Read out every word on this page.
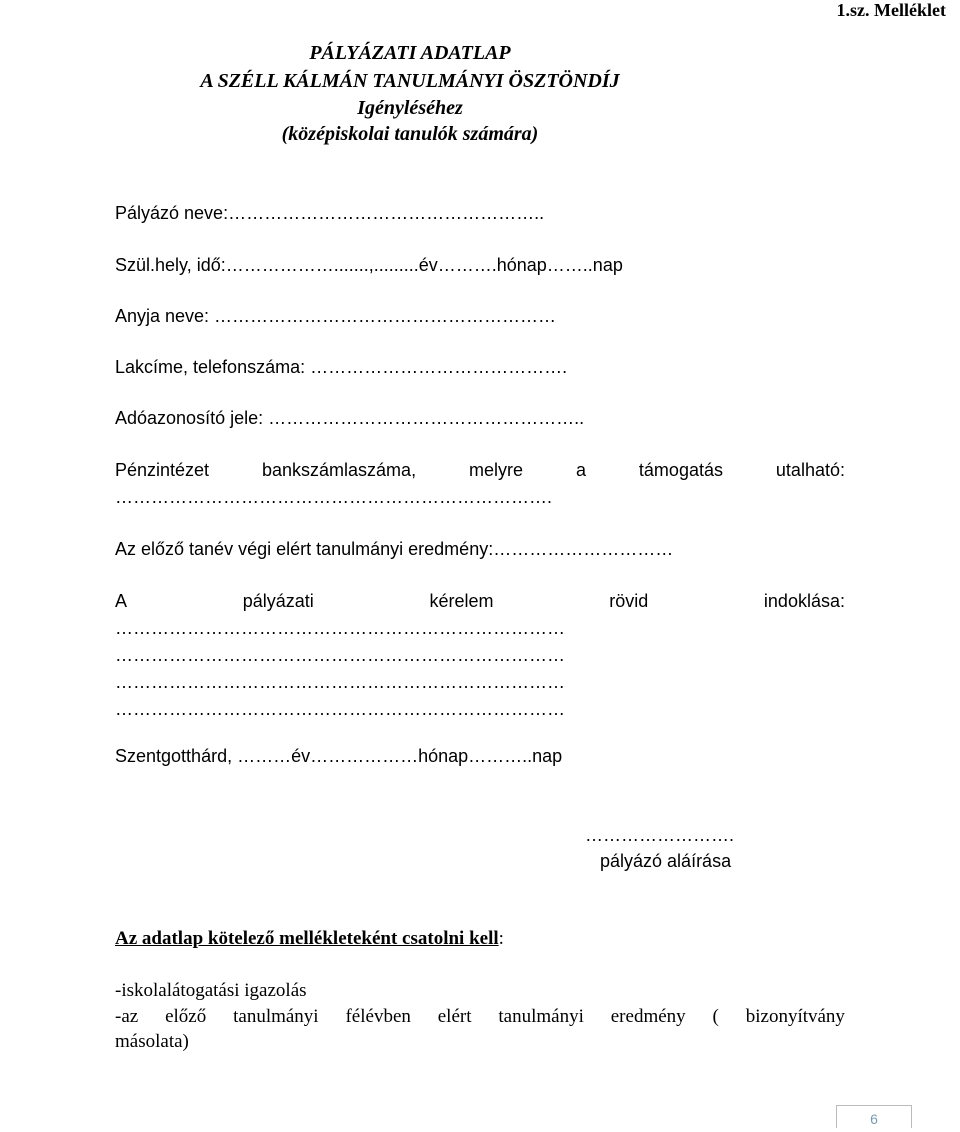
1.sz. Melléklet
PÁLYÁZATI ADATLAP
A SZÉLL KÁLMÁN TANULMÁNYI ÖSZTÖNDÍJ
Igényléséhez
(középiskolai tanulók számára)
Pályázó neve:……………………………………………..
Szül.hely, idő:……………….......,.........év……….hónap……..nap
Anyja neve: …………………………………………………
Lakcíme, telefonszáma: …………………………………….
Adóazonosító jele: ……………………………………………..
Pénzintézet	bankszámlaszáma,	melyre	a	támogatás	utalható:
……………………………………………………………….
Az előző tanév végi elért tanulmányi eredmény:…………………………
A	pályázati	kérelem	rövid	indoklása:
…………………………………………………………………
…………………………………………………………………
…………………………………………………………………
…………………………………………………………………
Szentgotthárd, ………év………………hónap………..nap
…………………….
pályázó aláírása
Az adatlap kötelező mellékleteként csatolni kell:
-iskolalátogatási igazolás
-az előző tanulmányi félévben elért tanulmányi eredmény ( bizonyítvány
másolata)
6
